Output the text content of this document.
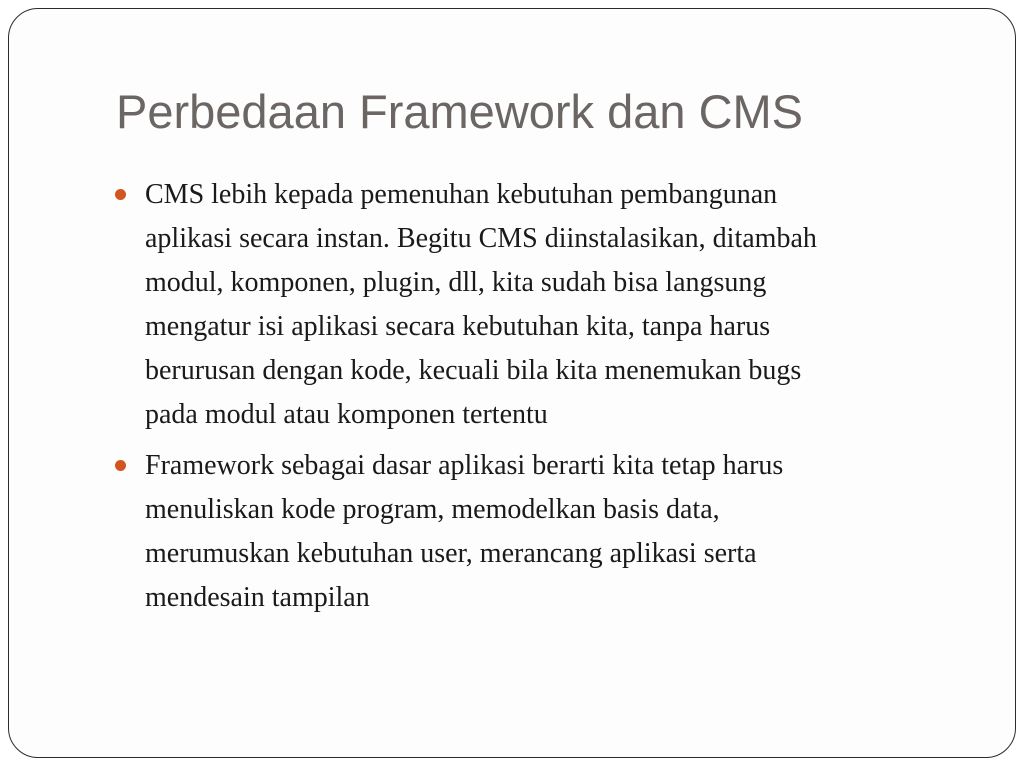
Perbedaan Framework dan CMS
CMS lebih kepada pemenuhan kebutuhan pembangunan
aplikasi secara instan. Begitu CMS diinstalasikan, ditambah
modul, komponen, plugin, dll, kita sudah bisa langsung
mengatur isi aplikasi secara kebutuhan kita, tanpa harus
berurusan dengan kode, kecuali bila kita menemukan bugs
pada modul atau komponen tertentu
Framework sebagai dasar aplikasi berarti kita tetap harus
menuliskan kode program, memodelkan basis data,
merumuskan kebutuhan user, merancang aplikasi serta
mendesain tampilan
